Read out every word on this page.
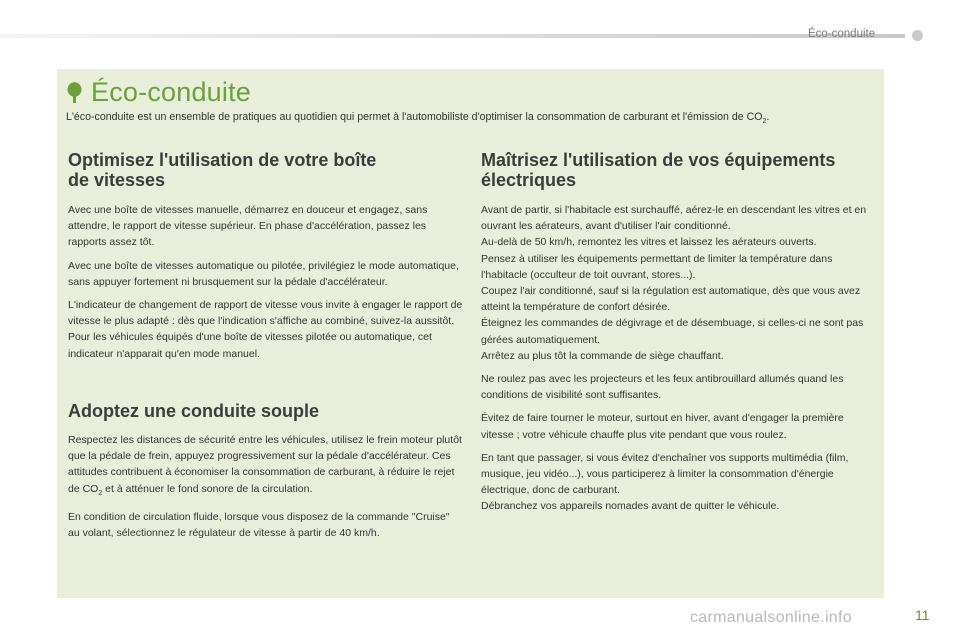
Éco-conduite
Éco-conduite
L'éco-conduite est un ensemble de pratiques au quotidien qui permet à l'automobiliste d'optimiser la consommation de carburant et l'émission de $CO_2$.
Optimisez l'utilisation de votre boîte
de vitesses

Avec une boîte de vitesses manuelle, démarrez en douceur et engagez, sans attendre, le rapport de vitesse supérieur. En phase d'accélération, passez les rapports assez tôt.

Avec une boîte de vitesses automatique ou pilotée, privilégiez le mode automatique, sans appuyer fortement ni brusquement sur la pédale d'accélérateur.

L'indicateur de changement de rapport de vitesse vous invite à engager le rapport de vitesse le plus adapté : dès que l'indication s'affiche au combiné, suivez-la aussitôt.

Pour les véhicules équipés d'une boîte de vitesses pilotée ou automatique, cet indicateur n'apparait qu'en mode manuel.

Adoptez une conduite souple

Respectez les distances de sécurité entre les véhicules, utilisez le frein moteur plutôt que la pédale de frein, appuyez progressivement sur la pédale d'accélérateur. Ces attitudes contribuent à économiser la consommation de carburant, à réduire le rejet de $CO_2$ et à atténuer le fond sonore de la circulation.

En condition de circulation fluide, lorsque vous disposez de la commande "Cruise" au volant, sélectionnez le régulateur de vitesse à partir de 40 km/h.

Maîtrisez l'utilisation de vos équipements
électriques

Avant de partir, si l'habitacle est surchauffé, aérez-le en descendant les vitres et en ouvrant les aérateurs, avant d'utiliser l'air conditionné.

Au-delà de 50 km/h, remontez les vitres et laissez les aérateurs ouverts.

Pensez à utiliser les équipements permettant de limiter la température dans l'habitacle (occulteur de toit ouvrant, stores...).

Coupez l'air conditionné, sauf si la régulation est automatique, dès que vous avez atteint la température de confort désirée.

Éteignez les commandes de dégivrage et de désembuage, si celles-ci ne sont pas gérées automatiquement.

Arrêtez au plus tôt la commande de siège chauffant.

Ne roulez pas avec les projecteurs et les feux antibrouillard allumés quand les conditions de visibilité sont suffisantes.

Évitez de faire tourner le moteur, surtout en hiver, avant d'engager la première vitesse ; votre véhicule chauffe plus vite pendant que vous roulez.

En tant que passager, si vous évitez d'enchaîner vos supports multimédia (film, musique, jeu vidéo...), vous participerez à limiter la consommation d'énergie électrique, donc de carburant.

Débranchez vos appareils nomades avant de quitter le véhicule.

carmanualsonline.info	11
